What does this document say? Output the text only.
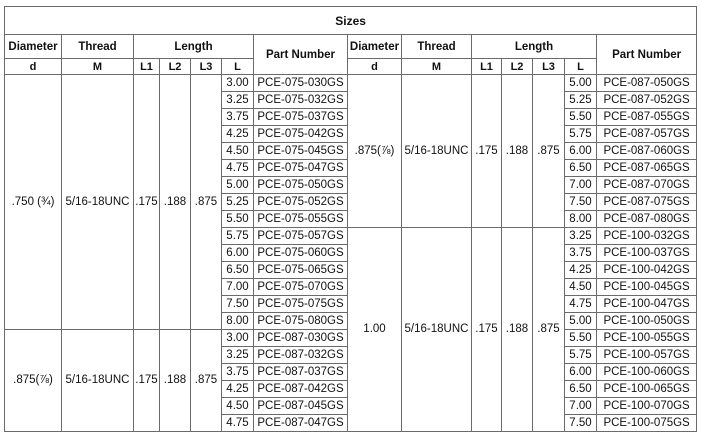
Sizes													
Diameter	Thread	Length				Part Number	Diameter	Thread	Length				Part Number
d	M	L1	L2	L3	L		d	M	L1	L2	L3	L	
.750 (¾)	5/16-18UNC	.175	.188	.875	3.00	PCE-075-030GS	.875(⅞)	5/16-18UNC	.175	.188	.875	5.00	PCE-087-050GS
					3.25	PCE-075-032GS						5.25	PCE-087-052GS
					3.75	PCE-075-037GS						5.50	PCE-087-055GS
					4.25	PCE-075-042GS						5.75	PCE-087-057GS
					4.50	PCE-075-045GS						6.00	PCE-087-060GS
					4.75	PCE-075-047GS						6.50	PCE-087-065GS
					5.00	PCE-075-050GS						7.00	PCE-087-070GS
					5.25	PCE-075-052GS						7.50	PCE-087-075GS
					5.50	PCE-075-055GS						8.00	PCE-087-080GS
					5.75	PCE-075-057GS	1.00	5/16-18UNC	.175	.188	.875	3.25	PCE-100-032GS
					6.00	PCE-075-060GS						3.75	PCE-100-037GS
					6.50	PCE-075-065GS						4.25	PCE-100-042GS
					7.00	PCE-075-070GS						4.50	PCE-100-045GS
					7.50	PCE-075-075GS						4.75	PCE-100-047GS
					8.00	PCE-075-080GS						5.00	PCE-100-050GS
.875(⅞)	5/16-18UNC	.175	.188	.875	3.00	PCE-087-030GS						5.50	PCE-100-055GS
					3.25	PCE-087-032GS						5.75	PCE-100-057GS
					3.75	PCE-087-037GS						6.00	PCE-100-060GS
					4.25	PCE-087-042GS						6.50	PCE-100-065GS
					4.50	PCE-087-045GS						7.00	PCE-100-070GS
					4.75	PCE-087-047GS						7.50	PCE-100-075GS
